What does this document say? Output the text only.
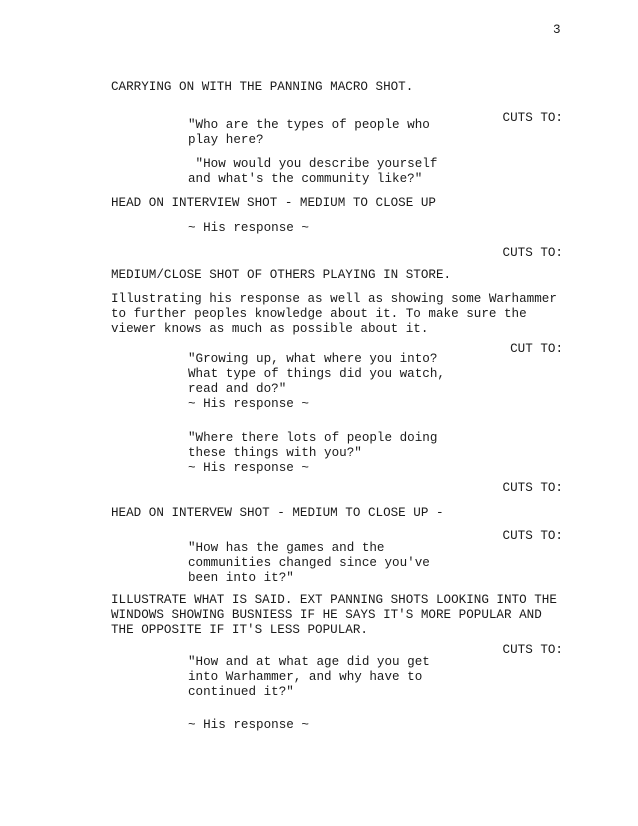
3
CARRYING ON WITH THE PANNING MACRO SHOT.
CUTS TO:
"Who are the types of people who
play here?
"How would you describe yourself
and what's the community like?"
HEAD ON INTERVIEW SHOT - MEDIUM TO CLOSE UP
~ His response ~
CUTS TO:
MEDIUM/CLOSE SHOT OF OTHERS PLAYING IN STORE.
Illustrating his response as well as showing some Warhammer
to further peoples knowledge about it. To make sure the
viewer knows as much as possible about it.
CUT TO:
"Growing up, what where you into?
What type of things did you watch,
read and do?"
~ His response ~
"Where there lots of people doing
these things with you?"
~ His response ~
CUTS TO:
HEAD ON INTERVEW SHOT - MEDIUM TO CLOSE UP -
CUTS TO:
"How has the games and the
communities changed since you've
been into it?"
ILLUSTRATE WHAT IS SAID. EXT PANNING SHOTS LOOKING INTO THE
WINDOWS SHOWING BUSNIESS IF HE SAYS IT'S MORE POPULAR AND
THE OPPOSITE IF IT'S LESS POPULAR.
CUTS TO:
"How and at what age did you get
into Warhammer, and why have to
continued it?"
~ His response ~
